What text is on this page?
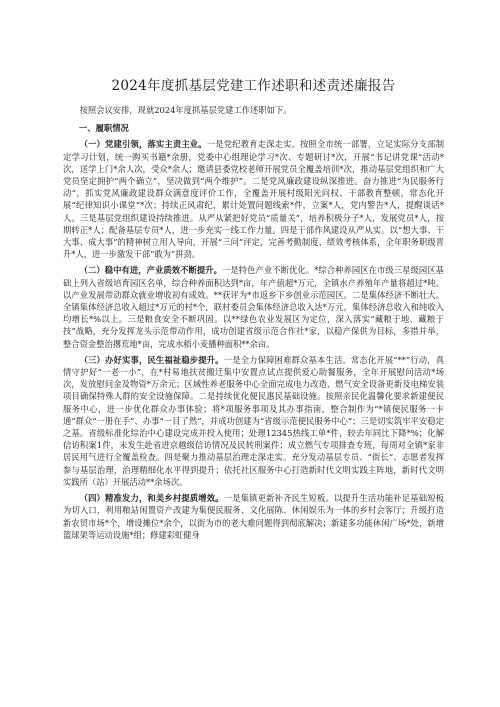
2024年度抓基层党建工作述职和述责述廉报告

按照会议安排，现就2024年度抓基层党建工作述职如下。

一、履职情况

（一）党建引领，落实主责主业。一是党纪教育走深走实。按照全市统一部署，立足实际分支部制定学习计划，统一购买书籍*余册，党委中心组理论学习*次、专题研讨*次，开展“书记讲党课”活动*次，送学上门*余人次，受众*余人；邀请县委党校老师开展党员全覆盖培训*次，推动基层党组织和广大党员坚定拥护“两个确立”，坚决做到“两个维护”。二是党风廉政建设纵深推进。奋力推进“为民服务行动”，抓实党风廉政建设群众满意度评价工作，全覆盖开展村级阳光问权、干部教育整顿，常态化开展“纪律知识小课堂”*次；持续正风肃纪，累计处置问题线索*件，立案*人，党内警告*人，提醒谈话*人。三是基层党组织建设持续推进。从严从紧把好党员“质量关”，培养积极分子*人，发展党员*人，按期转正*人；配备基层专员*人，进一步充实一线工作力量。四是干部作风建设从严从实。以“想大事、干大事、成大事”的精神树立用人导向，开展“三问”评定，完善考勤制度、绩效考核体系，全年职务职级晋升*人，进一步激发干部“敢为”拼劲。

（二）稳中有进，产业质效不断提升。一是特色产业不断优化。*综合种养园区在市级三星级园区基础上列入省级培育园区名单，综合种养面积达到*亩，年产值超*万元，全镇水产养殖年产量将超过*吨。以产业发展带动群众就业增收初有成效。**获评为*市返乡下乡创业示范园区。二是集体经济不断壮大。全镇集体经济总收入超过*万元的村*个，联村委员会集体经济总收入达*万元，集体经济总收入和纯收入均增长*%以上。三是粮食安全不断巩固。以**绿色农业发展区为定位，深入落实“藏粮于地、藏粮于技”战略，充分发挥龙头示范带动作用，成功创建省级示范合作社*家，以稳产保供为目标，多措并举，整合资金整治撂荒地*亩，完成水稻小麦播种面积**余亩。

（三）办好实事，民生福祉稳步提升。一是全力保障困难群众基本生活。常态化开展“**”行动，真情守护好“一老一小”，在*村易地扶贫搬迁集中安置点试点提供爱心助餐服务，全年开展慰问活动*场次，发放慰问金及物资*万余元；区域性养老服务中心全面完成电力改造、燃气安全设备更新及电梯安装项目确保特殊人群的安全设施保障。二是持续优化便民惠民基础设施。按照亲民化温馨化要求新建便民服务中心，进一步优化群众办事体验；将*项服务事项及其办事指南，整合制作为“*镇便民服务一卡通”群众“一册在手”、办事“一目了然”，并成功创建为“省级示范便民服务中心”；三是切实筑牢平安稳定之基。省级标准化综治中心建设完成并投入使用；处理12345热线工单*件，较去年同比下降*%；化解信访积案1件，未发生赴省进京越级信访情况及民转刑案件；成立燃气专项排查专班，每周对全镇*家非居民用气进行全覆盖检查。四是聚力推动基层治理走深走实。充分发动基层专员、“街长”、志愿者发挥参与基层治理，治理精细化水平得到提升；依托社区服务中心打造新时代文明实践主阵地，新时代文明实践所（站）开展活动**余场次。

（四）精准发力，和美乡村提质增效。一是集镇更新补齐民生短板。以提升生活功能补足基础短板为切入口，利用粮站闲置资产改建为集便民服务、文化展陈、休闲娱乐为一体的乡村会客厅；升级打造新农贸市场*个，增设摊位*余个，以街为市的老大难问题得到彻底解决；新建多功能休闲广场*处，新增篮球架等运动设施*组；修建彩虹健身
